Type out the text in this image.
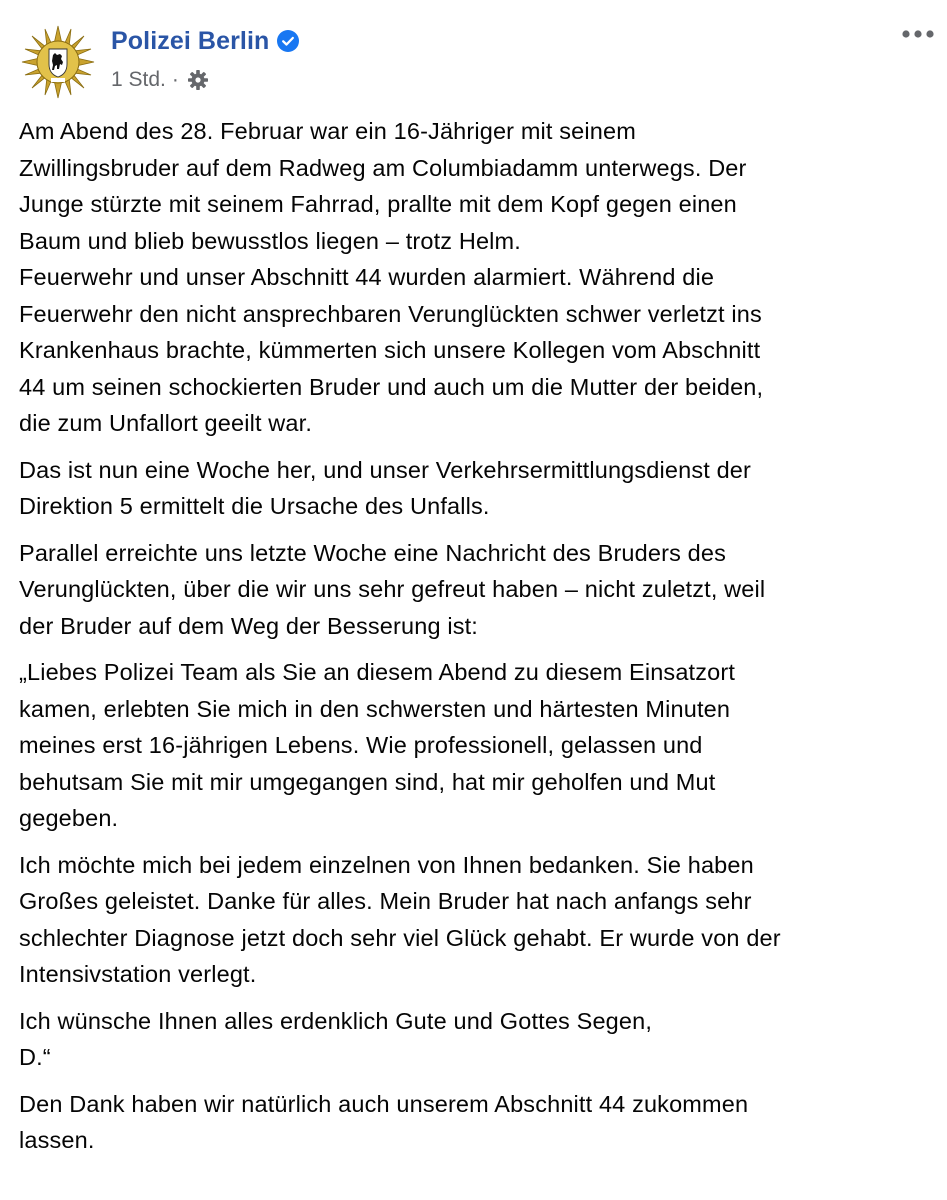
Polizei Berlin
1 Std. ·
Am Abend des 28. Februar war ein 16-Jähriger mit seinem
Zwillingsbruder auf dem Radweg am Columbiadamm unterwegs. Der
Junge stürzte mit seinem Fahrrad, prallte mit dem Kopf gegen einen
Baum und blieb bewusstlos liegen – trotz Helm.
Feuerwehr und unser Abschnitt 44 wurden alarmiert. Während die
Feuerwehr den nicht ansprechbaren Verunglückten schwer verletzt ins
Krankenhaus brachte, kümmerten sich unsere Kollegen vom Abschnitt
44 um seinen schockierten Bruder und auch um die Mutter der beiden,
die zum Unfallort geeilt war.
Das ist nun eine Woche her, und unser Verkehrsermittlungsdienst der
Direktion 5 ermittelt die Ursache des Unfalls.
Parallel erreichte uns letzte Woche eine Nachricht des Bruders des
Verunglückten, über die wir uns sehr gefreut haben – nicht zuletzt, weil
der Bruder auf dem Weg der Besserung ist:
„Liebes Polizei Team als Sie an diesem Abend zu diesem Einsatzort
kamen, erlebten Sie mich in den schwersten und härtesten Minuten
meines erst 16-jährigen Lebens. Wie professionell, gelassen und
behutsam Sie mit mir umgegangen sind, hat mir geholfen und Mut
gegeben.
Ich möchte mich bei jedem einzelnen von Ihnen bedanken. Sie haben
Großes geleistet. Danke für alles. Mein Bruder hat nach anfangs sehr
schlechter Diagnose jetzt doch sehr viel Glück gehabt. Er wurde von der
Intensivstation verlegt.
Ich wünsche Ihnen alles erdenklich Gute und Gottes Segen,
D.“
Den Dank haben wir natürlich auch unserem Abschnitt 44 zukommen
lassen.
